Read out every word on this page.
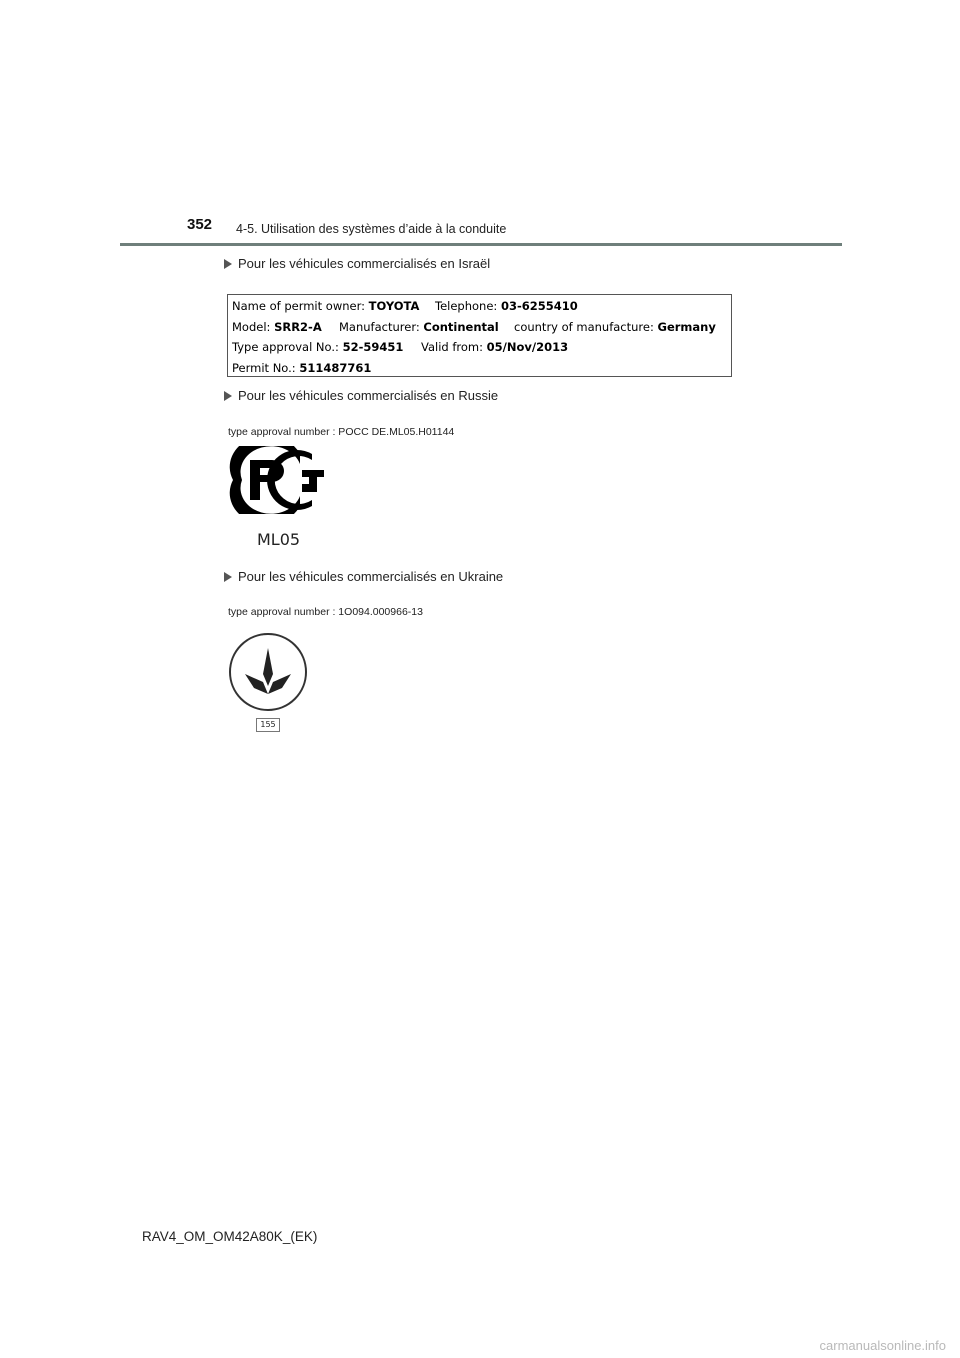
352 4-5. Utilisation des systèmes d’aide à la conduite
Pour les véhicules commercialisés en Israël
Name of permit owner: TOYOTA Telephone: 03-6255410
Model: SRR2-A Manufacturer: Continental country of manufacture: Germany
Type approval No.: 52-59451 Valid from: 05/Nov/2013
Permit No.: 511487761
Pour les véhicules commercialisés en Russie
type approval number : POCC DE.ML05.H01144
ML05
Pour les véhicules commercialisés en Ukraine
type approval number : 1O094.000966-13
155
RAV4_OM_OM42A80K_(EK)
carmanualsonline.info
